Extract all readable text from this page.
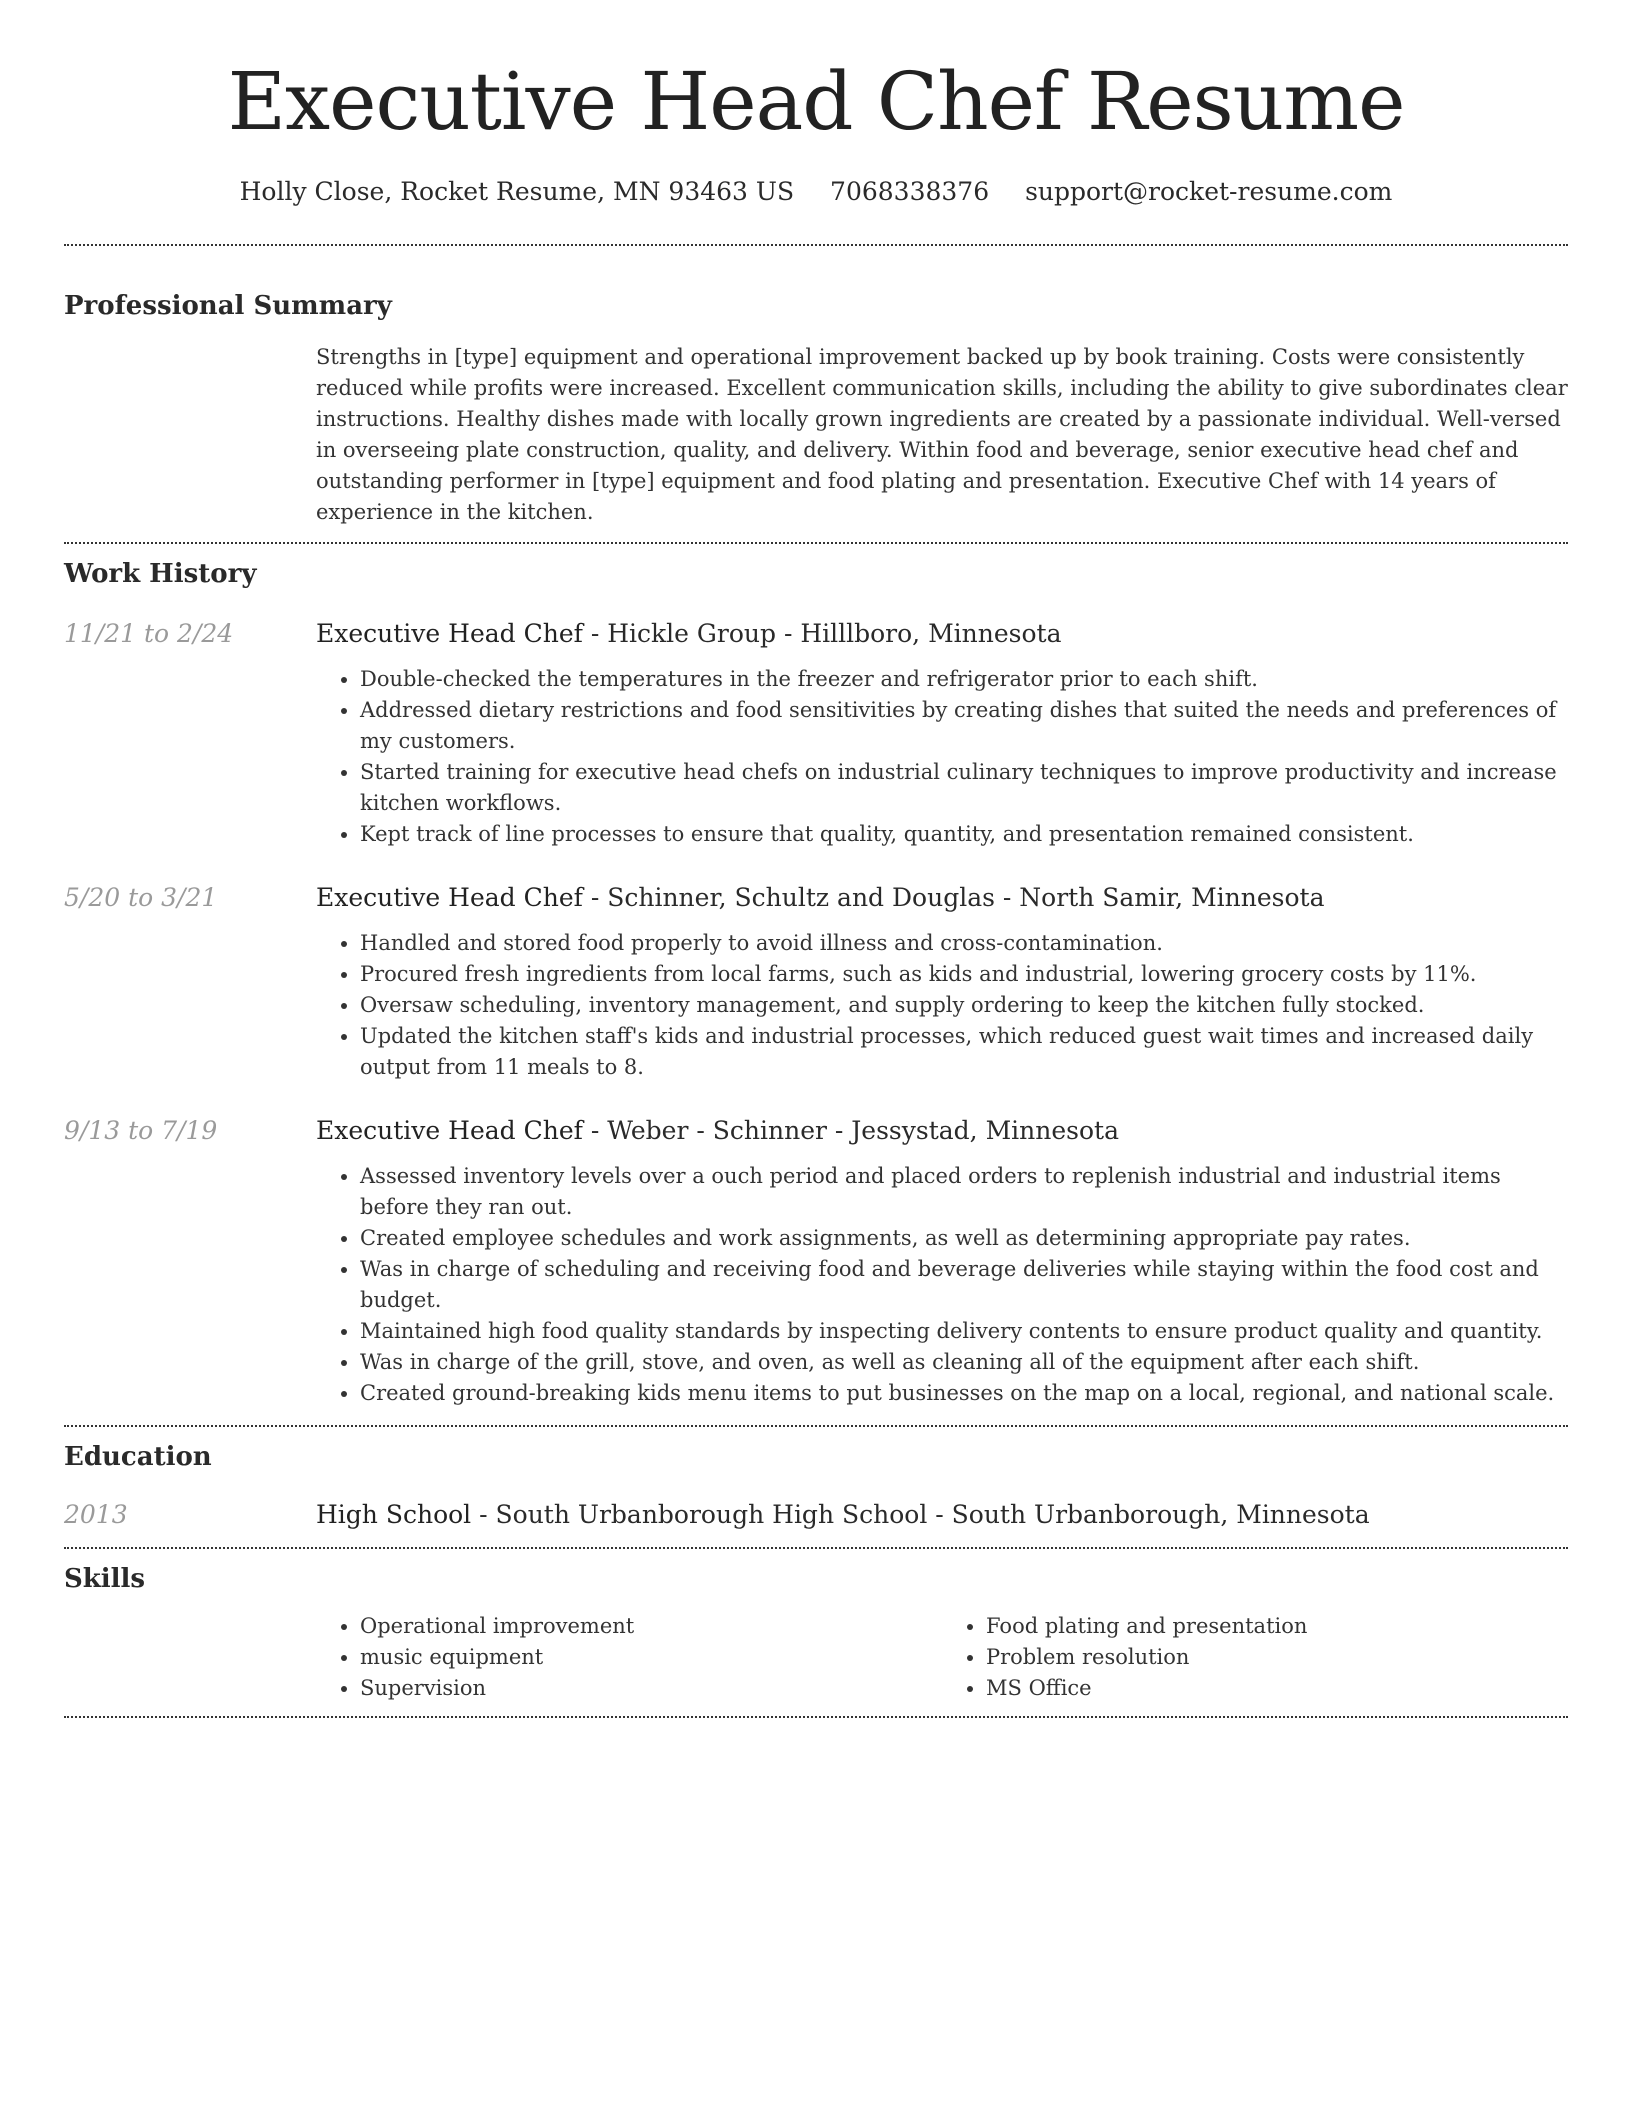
Executive Head Chef Resume
Holly Close, Rocket Resume, MN 93463 US 7068338376 support@rocket-resume.com
Professional Summary

Strengths in [type] equipment and operational improvement backed up by book training. Costs were consistently reduced while profits were increased. Excellent communication skills, including the ability to give subordinates clear instructions. Healthy dishes made with locally grown ingredients are created by a passionate individual. Well-versed in overseeing plate construction, quality, and delivery. Within food and beverage, senior executive head chef and outstanding performer in [type] equipment and food plating and presentation. Executive Chef with 14 years of experience in the kitchen.

Work History
11/21 to 2/24	Executive Head Chef - Hickle Group - Hilllboro, Minnesota
• Double-checked the temperatures in the freezer and refrigerator prior to each shift.
• Addressed dietary restrictions and food sensitivities by creating dishes that suited the needs and preferences of my customers.
• Started training for executive head chefs on industrial culinary techniques to improve productivity and increase kitchen workflows.
• Kept track of line processes to ensure that quality, quantity, and presentation remained consistent.
5/20 to 3/21	Executive Head Chef - Schinner, Schultz and Douglas - North Samir, Minnesota
• Handled and stored food properly to avoid illness and cross-contamination.
• Procured fresh ingredients from local farms, such as kids and industrial, lowering grocery costs by 11%.
• Oversaw scheduling, inventory management, and supply ordering to keep the kitchen fully stocked.
• Updated the kitchen staff's kids and industrial processes, which reduced guest wait times and increased daily output from 11 meals to 8.
9/13 to 7/19	Executive Head Chef - Weber - Schinner - Jessystad, Minnesota
• Assessed inventory levels over a ouch period and placed orders to replenish industrial and industrial items before they ran out.
• Created employee schedules and work assignments, as well as determining appropriate pay rates.
• Was in charge of scheduling and receiving food and beverage deliveries while staying within the food cost and budget.
• Maintained high food quality standards by inspecting delivery contents to ensure product quality and quantity.
• Was in charge of the grill, stove, and oven, as well as cleaning all of the equipment after each shift.
• Created ground-breaking kids menu items to put businesses on the map on a local, regional, and national scale.
Education
2013	High School - South Urbanborough High School - South Urbanborough, Minnesota
Skills
• Operational improvement
• music equipment
• Supervision
• Food plating and presentation
• Problem resolution
• MS Office
